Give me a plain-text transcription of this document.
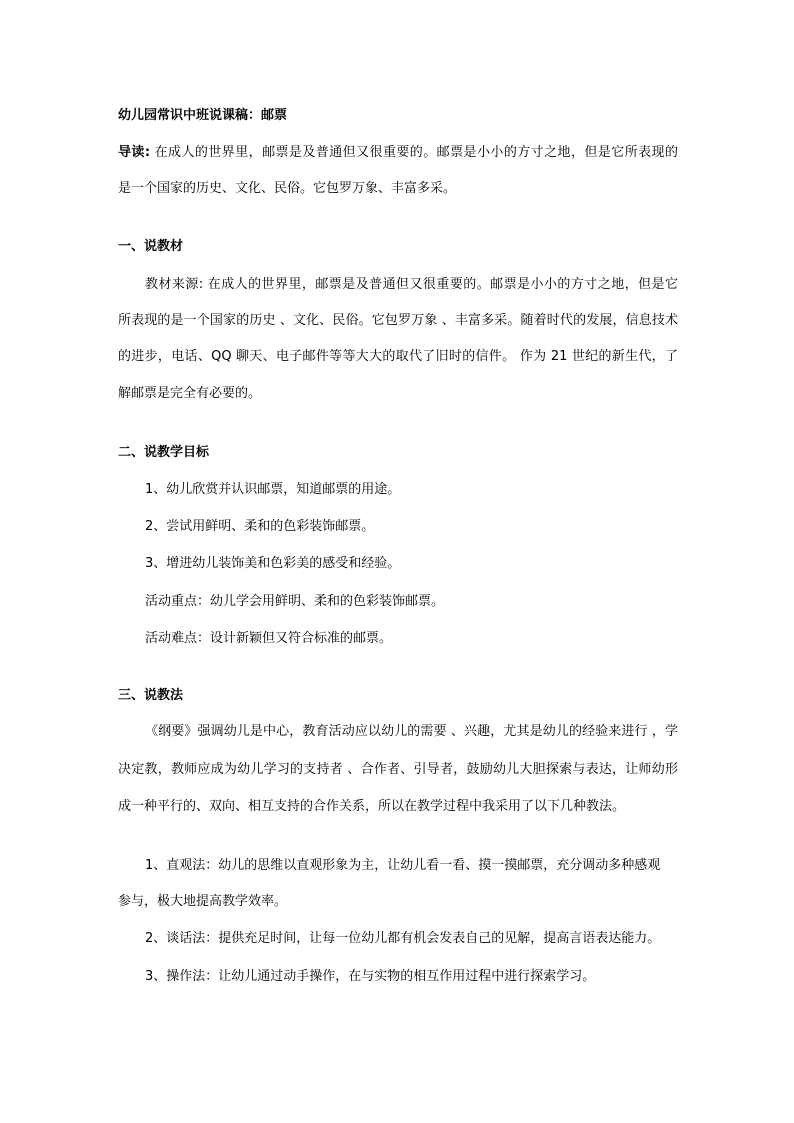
幼儿园常识中班说课稿：邮票
导读: 在成人的世界里，邮票是及普通但又很重要的。邮票是小小的方寸之地，但是它所表现的
是一个国家的历史、文化、民俗。它包罗万象、丰富多采。
一、说教材
教材来源: 在成人的世界里，邮票是及普通但又很重要的。邮票是小小的方寸之地，但是它
所表现的是一个国家的历史 、文化、民俗。它包罗万象 、丰富多采。随着时代的发展，信息技术
的进步，电话、QQ 聊天、电子邮件等等大大的取代了旧时的信件。 作为 21 世纪的新生代，了
解邮票是完全有必要的。
二、说教学目标
1、幼儿欣赏并认识邮票，知道邮票的用途。
2、尝试用鲜明、柔和的色彩装饰邮票。
3、增进幼儿装饰美和色彩美的感受和经验。
活动重点：幼儿学会用鲜明、柔和的色彩装饰邮票。
活动难点：设计新颖但又符合标准的邮票。
三、说教法
《纲要》强调幼儿是中心，教育活动应以幼儿的需要 、兴趣，尤其是幼儿的经验来进行 ，学
决定教，教师应成为幼儿学习的支持者 、合作者、引导者，鼓励幼儿大胆探索与表达，让师幼形
成一种平行的、双向、相互支持的合作关系，所以在教学过程中我采用了以下几种教法。
1、直观法：幼儿的思维以直观形象为主，让幼儿看一看、摸一摸邮票，充分调动多种感观
参与，极大地提高教学效率。
2、谈话法：提供充足时间，让每一位幼儿都有机会发表自己的见解，提高言语表达能力。
3、操作法：让幼儿通过动手操作，在与实物的相互作用过程中进行探索学习。
